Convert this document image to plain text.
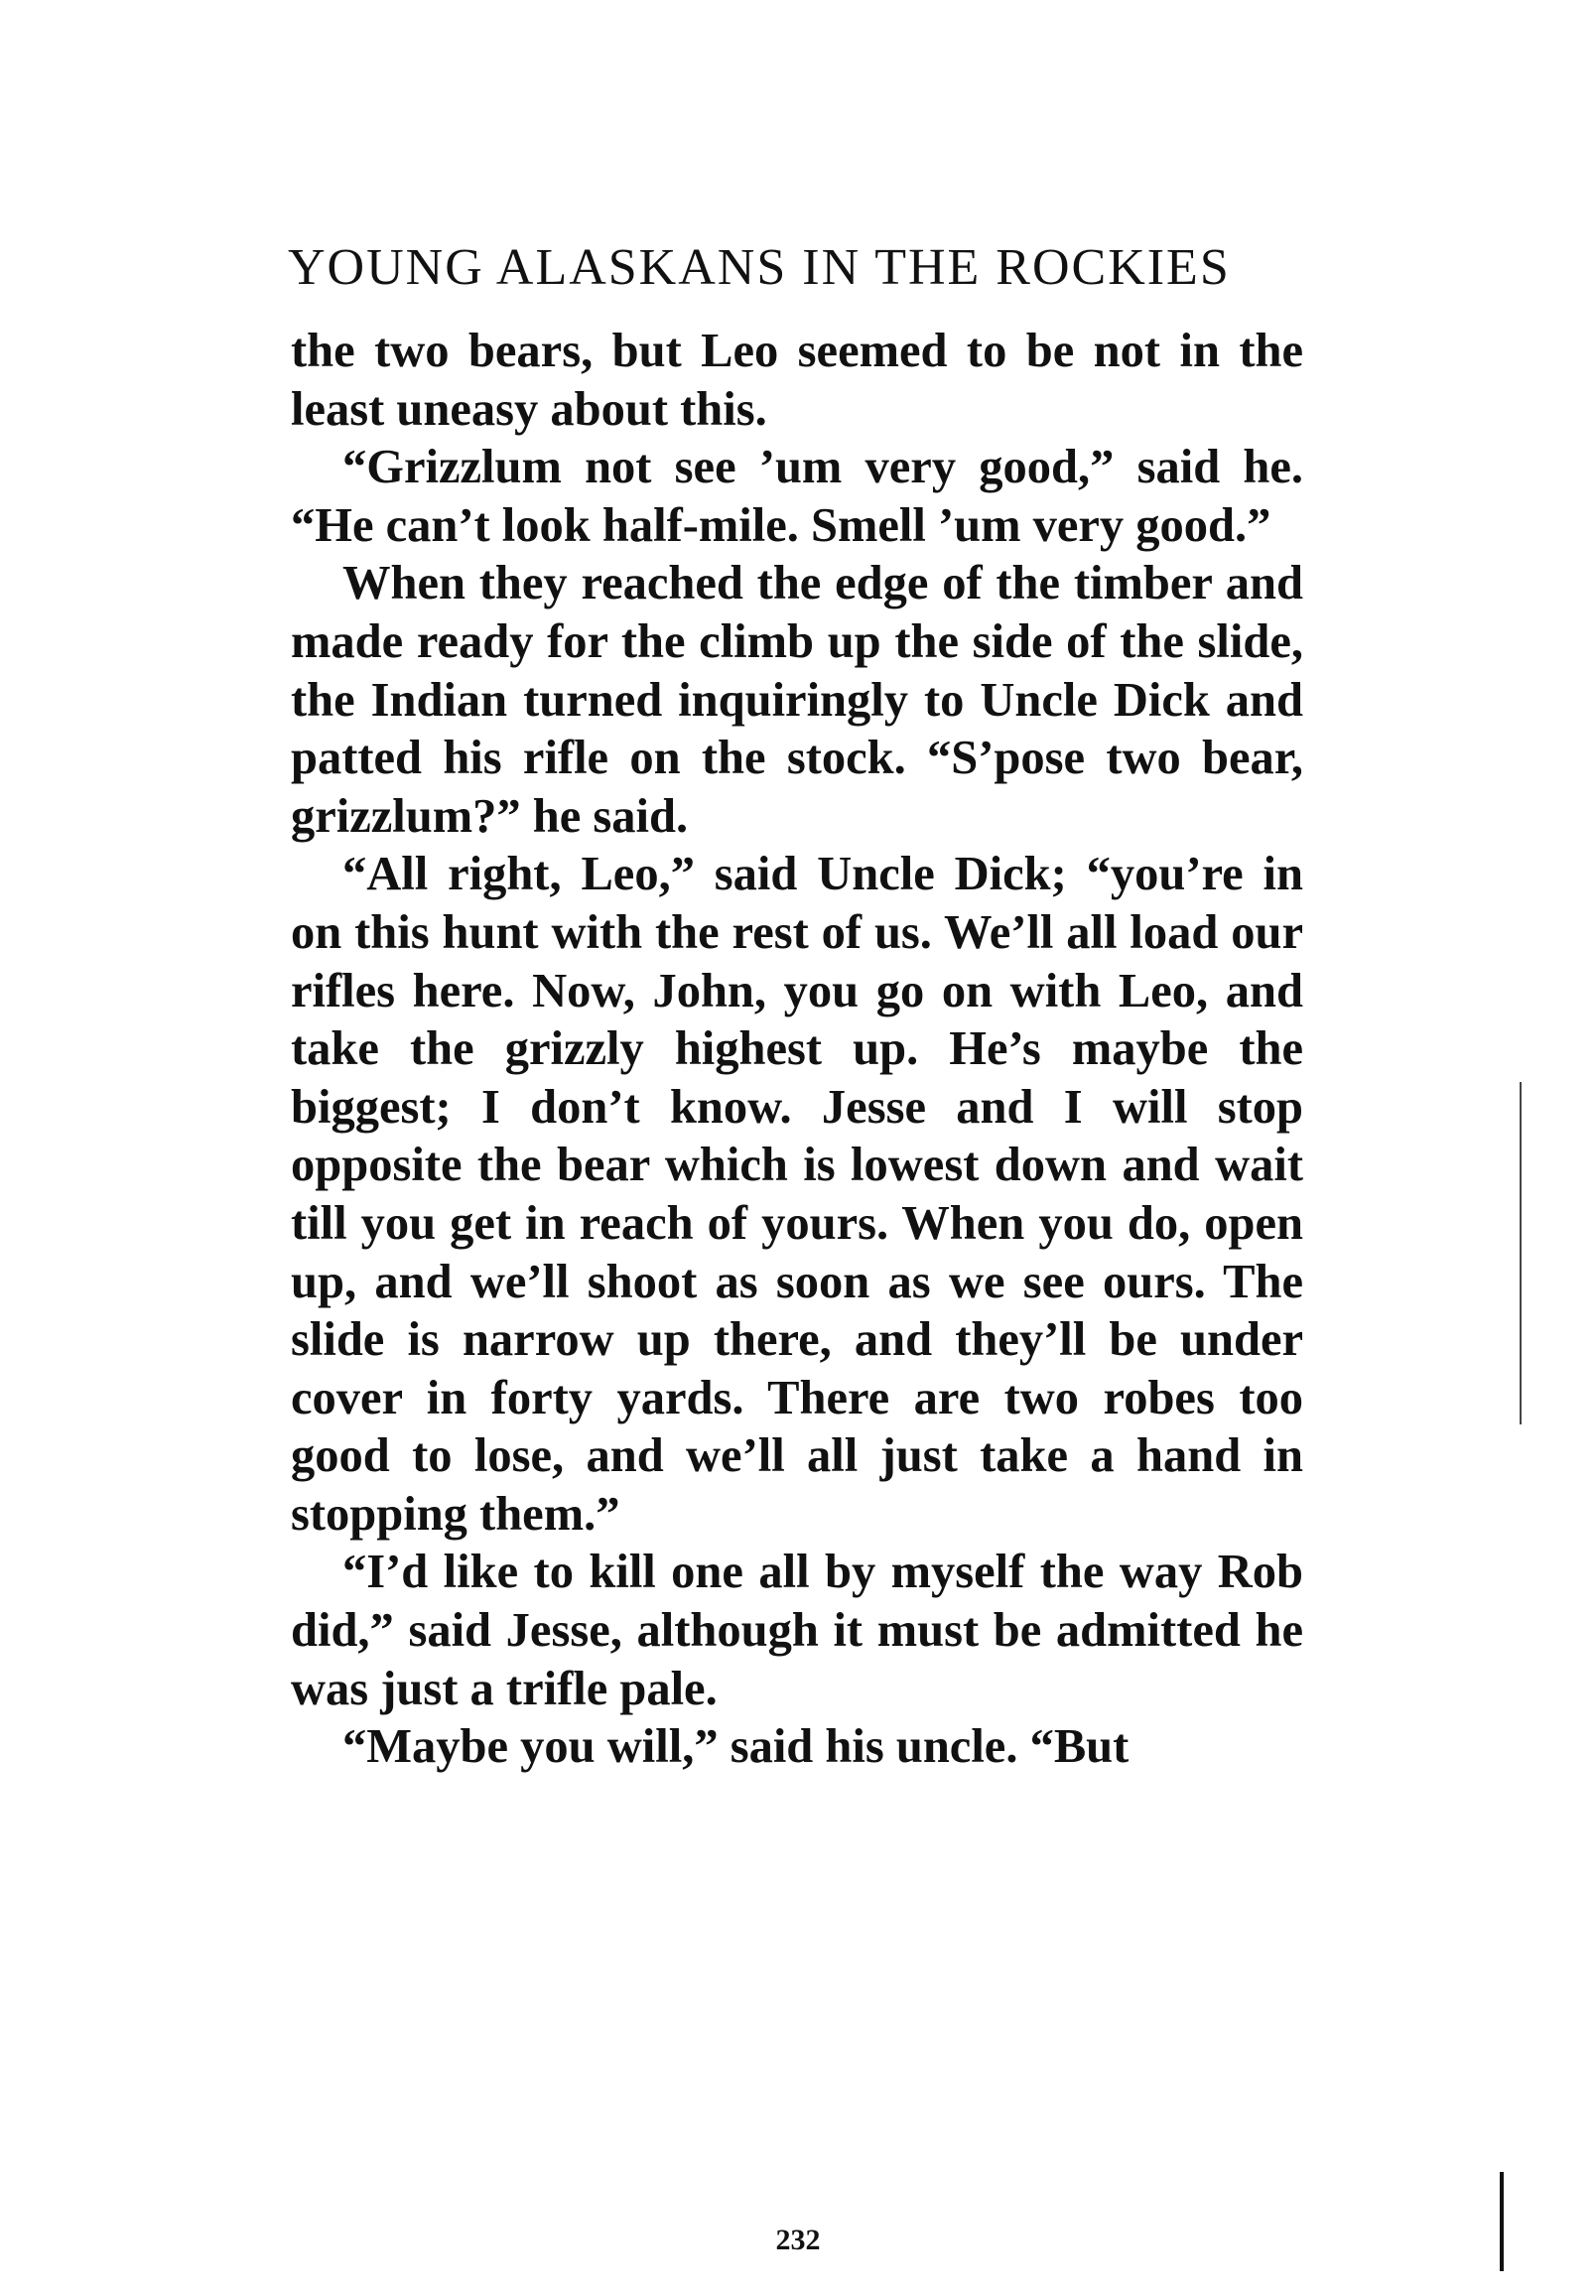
YOUNG ALASKANS IN THE ROCKIES

the two bears, but Leo seemed to be not in the least uneasy about this.

“Grizzlum not see ’um very good,” said he. “He can’t look half-mile. Smell ’um very good.”

When they reached the edge of the timber and made ready for the climb up the side of the slide, the Indian turned inquiringly to Uncle Dick and patted his rifle on the stock. “S’pose two bear, grizzlum?” he said.

“All right, Leo,” said Uncle Dick; “you’re in on this hunt with the rest of us. We’ll all load our rifles here. Now, John, you go on with Leo, and take the grizzly highest up. He’s maybe the biggest; I don’t know. Jesse and I will stop opposite the bear which is lowest down and wait till you get in reach of yours. When you do, open up, and we’ll shoot as soon as we see ours. The slide is narrow up there, and they’ll be under cover in forty yards. There are two robes too good to lose, and we’ll all just take a hand in stopping them.”

“I’d like to kill one all by myself the way Rob did,” said Jesse, although it must be admitted he was just a trifle pale.

“Maybe you will,” said his uncle. “But

232
